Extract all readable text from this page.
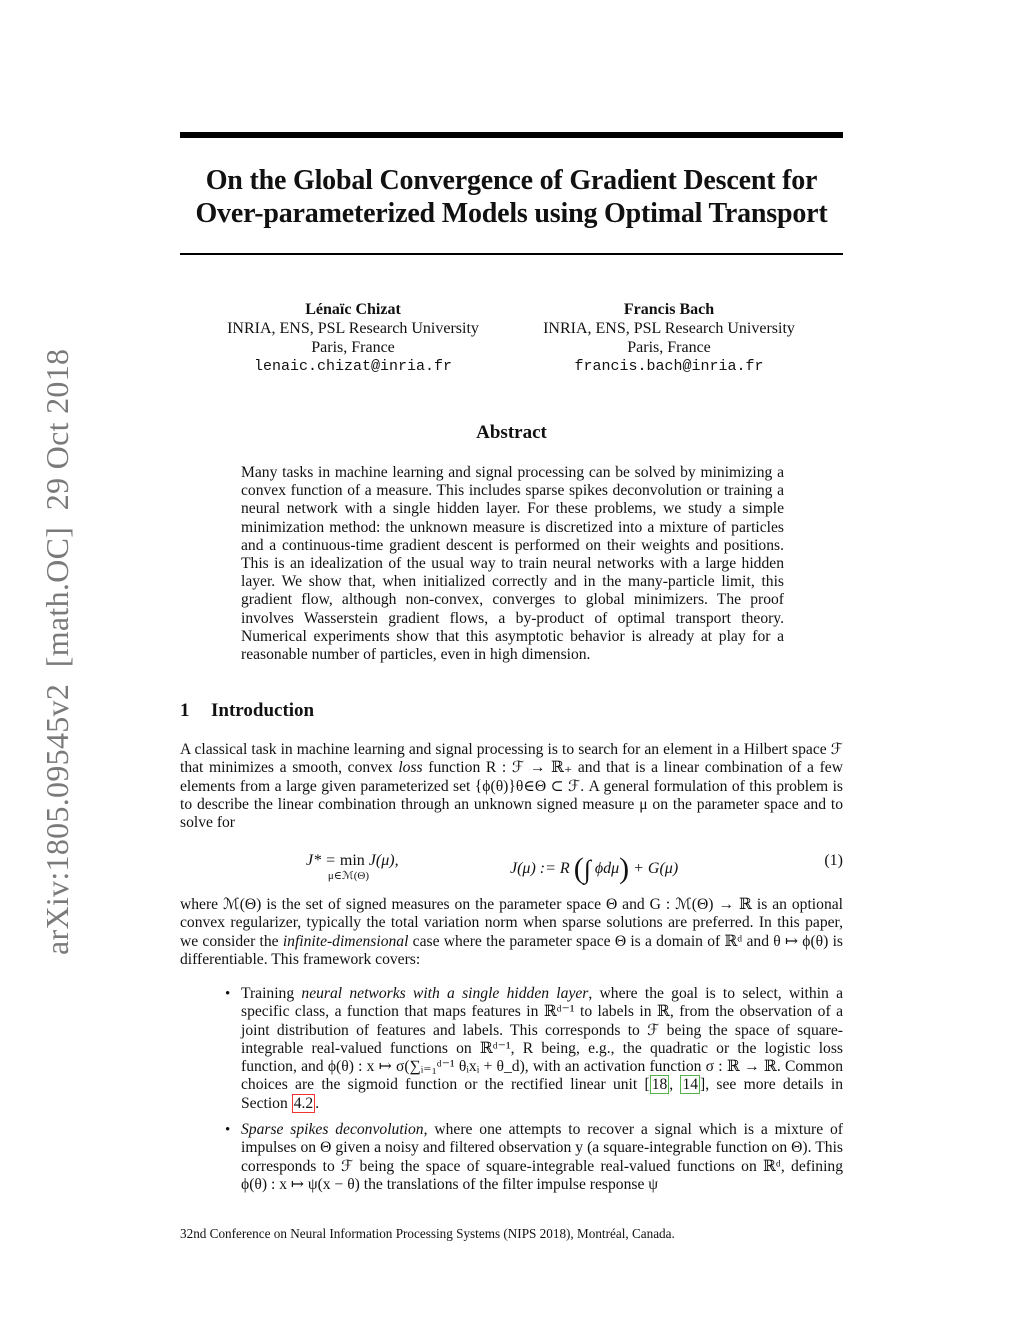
arXiv:1805.09545v2  [math.OC]  29 Oct 2018
On the Global Convergence of Gradient Descent for
Over-parameterized Models using Optimal Transport
Lénaïc Chizat
INRIA, ENS, PSL Research University
Paris, France
lenaic.chizat@inria.fr
Francis Bach
INRIA, ENS, PSL Research University
Paris, France
francis.bach@inria.fr
Abstract
Many tasks in machine learning and signal processing can be solved by minimizing a convex function of a measure. This includes sparse spikes deconvolution or training a neural network with a single hidden layer. For these problems, we study a simple minimization method: the unknown measure is discretized into a mixture of particles and a continuous-time gradient descent is performed on their weights and positions. This is an idealization of the usual way to train neural networks with a large hidden layer. We show that, when initialized correctly and in the many-particle limit, this gradient flow, although non-convex, converges to global minimizers. The proof involves Wasserstein gradient flows, a by-product of optimal transport theory. Numerical experiments show that this asymptotic behavior is already at play for a reasonable number of particles, even in high dimension.
1 Introduction
A classical task in machine learning and signal processing is to search for an element in a Hilbert space ℱ that minimizes a smooth, convex loss function R : ℱ → ℝ₊ and that is a linear combination of a few elements from a large given parameterized set {ϕ(θ)}θ∈Θ ⊂ ℱ. A general formulation of this problem is to describe the linear combination through an unknown signed measure μ on the parameter space and to solve for
J* = min
μ∈ℳ(Θ)
J(μ),	J(μ) := R (∫ ϕdμ) + G(μ)	(1)
where ℳ(Θ) is the set of signed measures on the parameter space Θ and G : ℳ(Θ) → ℝ is an optional convex regularizer, typically the total variation norm when sparse solutions are preferred. In this paper, we consider the infinite-dimensional case where the parameter space Θ is a domain of ℝᵈ and θ ↦ ϕ(θ) is differentiable. This framework covers:
• Training neural networks with a single hidden layer, where the goal is to select, within a specific class, a function that maps features in ℝᵈ⁻¹ to labels in ℝ, from the observation of a joint distribution of features and labels. This corresponds to ℱ being the space of square-integrable real-valued functions on ℝᵈ⁻¹, R being, e.g., the quadratic or the logistic loss function, and ϕ(θ) : x ↦ σ(∑ᵢ₌₁ᵈ⁻¹ θᵢxᵢ + θ_d), with an activation function σ : ℝ → ℝ. Common choices are the sigmoid function or the rectified linear unit [ 18 , 14 ], see more details in Section 4.2 .
• Sparse spikes deconvolution, where one attempts to recover a signal which is a mixture of impulses on Θ given a noisy and filtered observation y (a square-integrable function on Θ). This corresponds to ℱ being the space of square-integrable real-valued functions on ℝᵈ, defining ϕ(θ) : x ↦ ψ(x − θ) the translations of the filter impulse response ψ
32nd Conference on Neural Information Processing Systems (NIPS 2018), Montréal, Canada.
